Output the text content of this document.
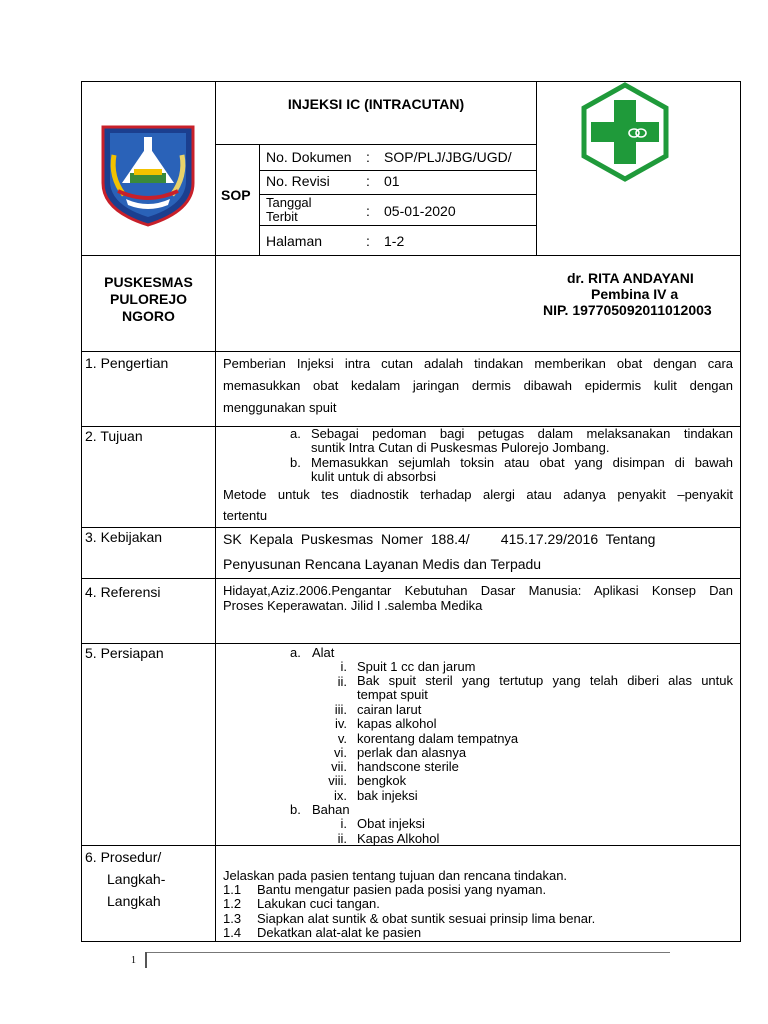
INJEKSI IC (INTRACUTAN)
SOP
No. Dokumen : SOP/PLJ/JBG/UGD/
No. Revisi	: 01
Tanggal Terbit	: 05-01-2020
Halaman	: 1-2
PUSKESMAS
PULOREJO
NGORO
dr. RITA ANDAYANI
Pembina IV a
NIP. 197705092011012003
1. Pengertian	Pemberian Injeksi intra cutan adalah tindakan memberikan obat dengan cara
memasukkan obat kedalam jaringan dermis dibawah epidermis kulit dengan
menggunakan spuit
2. Tujuan	a. Sebagai pedoman bagi petugas dalam melaksanakan tindakan
suntik Intra Cutan di Puskesmas Pulorejo Jombang.
b. Memasukkan sejumlah toksin atau obat yang disimpan di bawah
kulit untuk di absorbsi
Metode untuk tes diadnostik terhadap alergi atau adanya penyakit –penyakit
tertentu
3. Kebijakan	SK  Kepala  Puskesmas  Nomer  188.4/        415.17.29/2016  Tentang
Penyusunan Rencana Layanan Medis dan Terpadu
4. Referensi	Hidayat,Aziz.2006.Pengantar Kebutuhan Dasar Manusia: Aplikasi Konsep Dan
Proses Keperawatan. Jilid I .salemba Medika
5. Persiapan	a. Alat
i. Spuit 1 cc dan jarum
ii. Bak spuit steril yang tertutup yang telah diberi alas untuk
tempat spuit
iii. cairan larut
iv. kapas alkohol
v. korentang dalam tempatnya
vi. perlak dan alasnya
vii. handscone sterile
viii. bengkok
ix. bak injeksi
b. Bahan
i. Obat injeksi
ii. Kapas Alkohol
6. Prosedur/
Langkah-
Langkah
Jelaskan pada pasien tentang tujuan dan rencana tindakan.
1.1 Bantu mengatur pasien pada posisi yang nyaman.
1.2 Lakukan cuci tangan.
1.3 Siapkan alat suntik & obat suntik sesuai prinsip lima benar.
1.4 Dekatkan alat-alat ke pasien
1
